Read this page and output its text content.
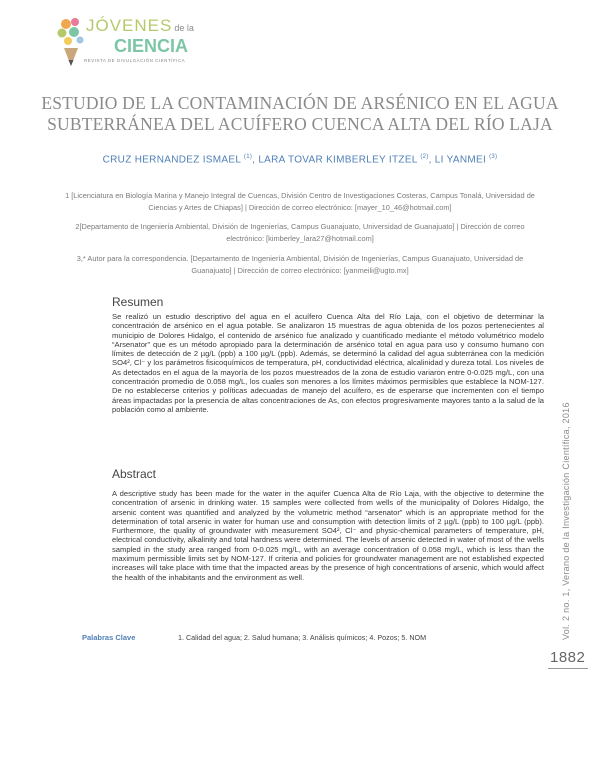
JÓVENES de la
CIENCIA
REVISTA DE DIVULGACIÓN CIENTÍFICA
ESTUDIO DE LA CONTAMINACIÓN DE ARSÉNICO EN EL AGUA
SUBTERRÁNEA DEL ACUÍFERO CUENCA ALTA DEL RÍO LAJA
CRUZ HERNANDEZ ISMAEL $^{(1)}$, LARA TOVAR KIMBERLEY ITZEL $^{(2)}$, LI YANMEI $^{(3)}$
1 [Licenciatura en Biología Marina y Manejo Integral de Cuencas, División Centro de Investigaciones Costeras, Campus Tonalá, Universidad de Ciencias y Artes de Chiapas] | Dirección de correo electrónico: [mayer_10_46@hotmail.com]
2[Departamento de Ingeniería Ambiental, División de Ingenierías, Campus Guanajuato, Universidad de Guanajuato] | Dirección de correo electrónico: [kimberley_lara27@hotmail.com]
3,* Autor para la correspondencia. [Departamento de Ingeniería Ambiental, División de Ingenierías, Campus Guanajuato, Universidad de Guanajuato] | Dirección de correo electrónico: [yanmeili@ugto.mx]
Resumen

Se realizó un estudio descriptivo del agua en el acuífero Cuenca Alta del Río Laja, con el objetivo de determinar la concentración de arsénico en el agua potable. Se analizaron 15 muestras de agua obtenida de los pozos pertenecientes al municipio de Dolores Hidalgo, el contenido de arsénico fue analizado y cuantificado mediante el método volumétrico modelo “Arsenator” que es un método apropiado para la determinación de arsénico total en agua para uso y consumo humano con límites de detección de 2 µg/L (ppb) a 100 µg/L (ppb). Además, se determinó la calidad del agua subterránea con la medición SO4², Cl⁻ y los parámetros fisicoquímicos de temperatura, pH, conductividad eléctrica, alcalinidad y dureza total. Los niveles de As detectados en el agua de la mayoría de los pozos muestreados de la zona de estudio variaron entre 0-0.025 mg/L, con una concentración promedio de 0.058 mg/L, los cuales son menores a los límites máximos permisibles que establece la NOM-127. De no establecerse criterios y políticas adecuadas de manejo del acuífero, es de esperarse que incrementen con el tiempo áreas impactadas por la presencia de altas concentraciones de As, con efectos progresivamente mayores tanto a la salud de la población como al ambiente.

Abstract

A descriptive study has been made for the water in the aquifer Cuenca Alta de Río Laja, with the objective to determine the concentration of arsenic in drinking water. 15 samples were collected from wells of the municipality of Dolores Hidalgo, the arsenic content was quantified and analyzed by the volumetric method “arsenator” which is an appropriate method for the determination of total arsenic in water for human use and consumption with detection limits of 2 µg/L (ppb) to 100 µg/L (ppb). Furthermore, the quality of groundwater with measurement SO4², Cl⁻ and physic-chemical parameters of temperature, pH, electrical conductivity, alkalinity and total hardness were determined. The levels of arsenic detected in water of most of the wells sampled in the study area ranged from 0-0.025 mg/L, with an average concentration of 0.058 mg/L, which is less than the maximum permissible limits set by NOM-127. If criteria and policies for groundwater management are not established expected increases will take place with time that the impacted areas by the presence of high concentrations of arsenic, which would affect the health of the inhabitants and the environment as well.

Palabras Clave	1. Calidad del agua; 2. Salud humana; 3. Análisis químicos; 4. Pozos; 5. NOM	Vol. 2 no. 1, Verano de la Investigación Científica, 2016
1882
